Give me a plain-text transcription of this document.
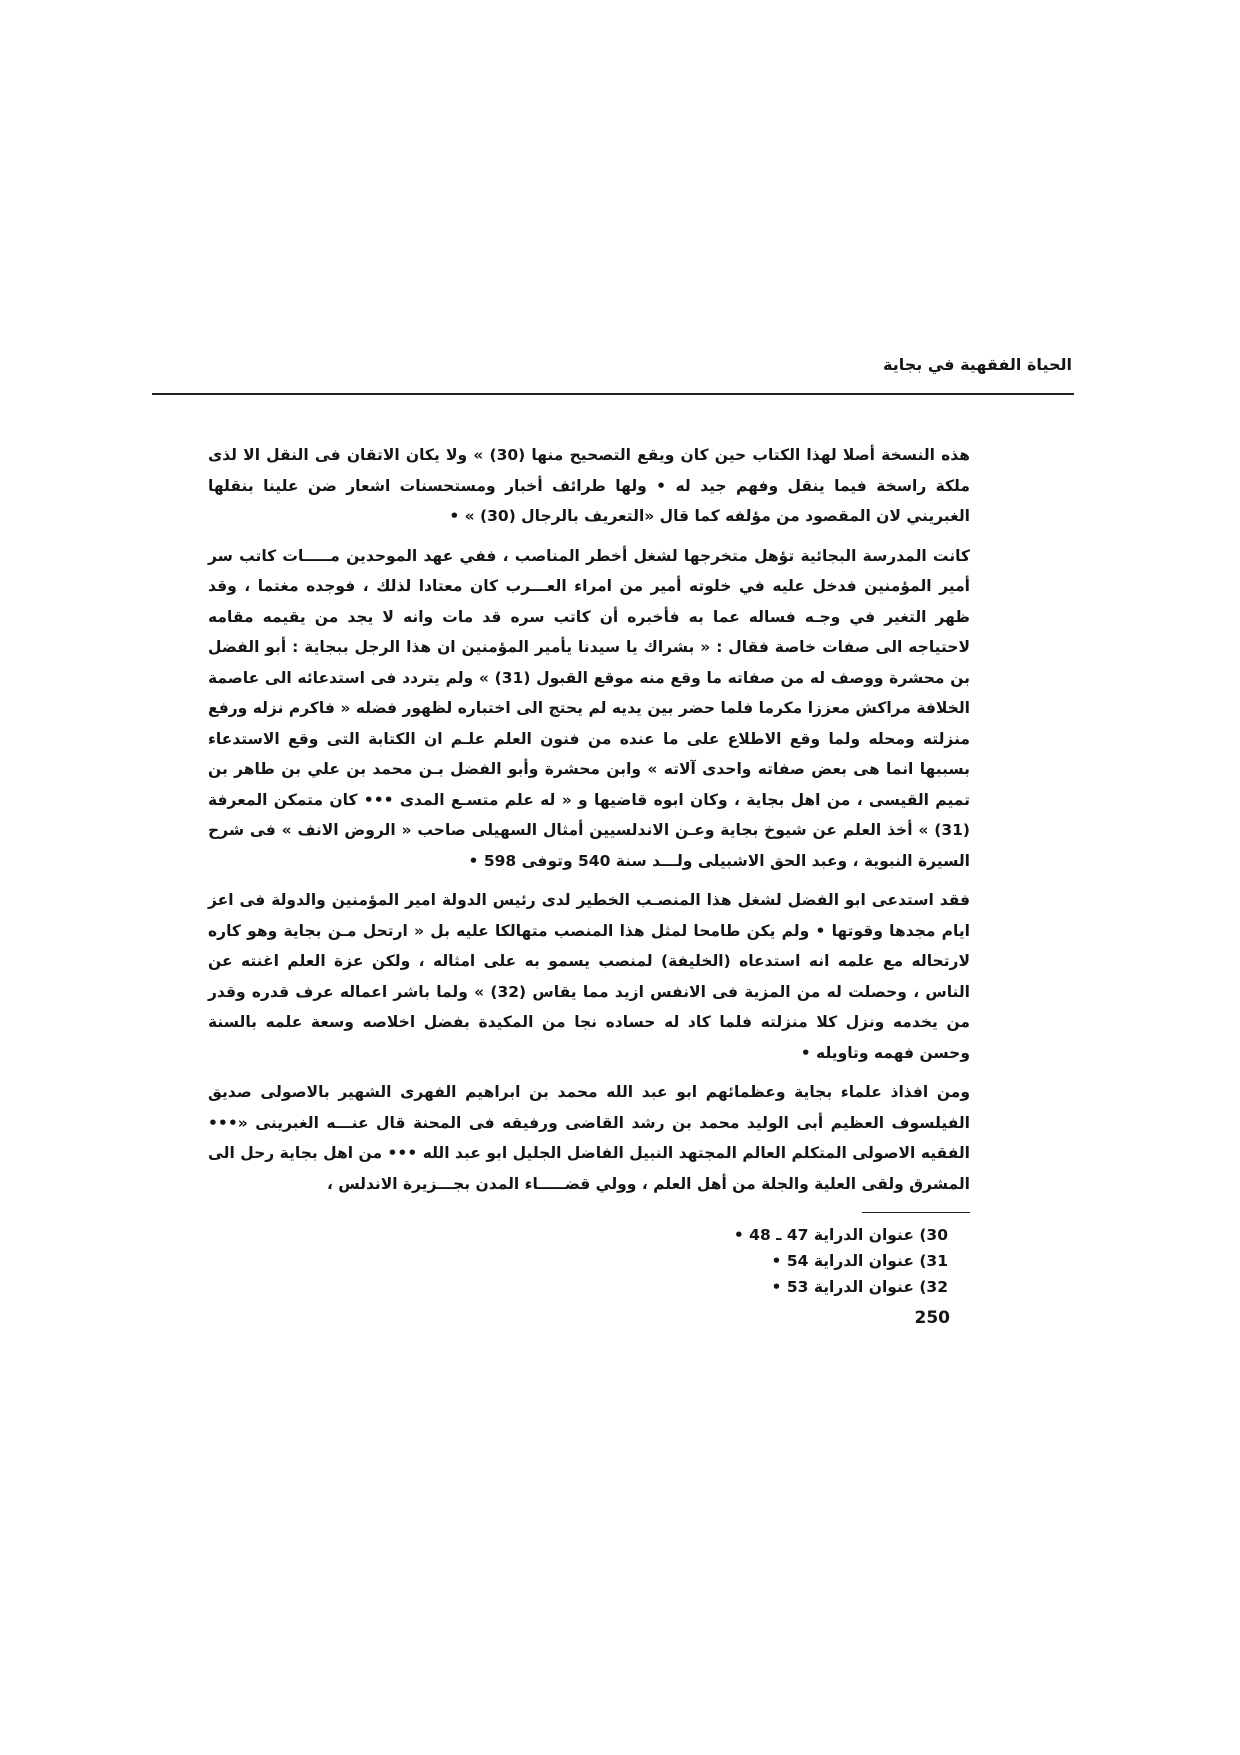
الحياة الفقهية في بجاية

هذه النسخة أصلا لهذا الكتاب حين كان ويقع التصحيح منها (30) » ولا يكان الاتقان فى النقل الا لذى ملكة راسخة فيما ينقل وفهم جيد له • ولها طرائف أخبار ومستحسنات اشعار ضن علينا بنقلها الغبريني لان المقصود من مؤلفه كما قال «التعريف بالرجال (30) » •

كانت المدرسة البجائية تؤهل متخرجها لشغل أخطر المناصب ، ففي عهد الموحدين مـــــات كاتب سر أمير المؤمنين فدخل عليه في خلوته أمير من امراء العـــرب كان معتادا لذلك ، فوجده مغتما ، وقد ظهر التغير في وجـه فساله عما به فأخبره أن كاتب سره قد مات وانه لا يجد من يقيمه مقامه لاحتياجه الى صفات خاصة فقال : « بشراك يا سيدنا يأمير المؤمنين ان هذا الرجل ببجاية : أبو الفضل بن محشرة ووصف له من صفاته ما وقع منه موقع القبول (31) » ولم يتردد فى استدعائه الى عاصمة الخلافة مراكش معززا مكرما فلما حضر بين يديه لم يحتج الى اختباره لظهور فضله « فاكرم نزله ورفع منزلته ومحله ولما وقع الاطلاع على ما عنده من فنون العلم علـم ان الكتابة التى وقع الاستدعاء بسببها انما هى بعض صفاته واحدى آلاته » وابن محشرة وأبو الفضل بـن محمد بن علي بن طاهر بن تميم القيسى ، من اهل بجاية ، وكان ابوه قاضيها و « له علم متسـع المدى ••• كان متمكن المعرفة (31) » أخذ العلم عن شيوخ بجاية وعـن الاندلسيين أمثال السهيلى صاحب « الروض الانف » فى شرح السيرة النبوية ، وعبد الحق الاشبيلى ولـــد سنة 540 وتوفى 598 •

فقد استدعى ابو الفضل لشغل هذا المنصـب الخطير لدى رئيس الدولة امير المؤمنين والدولة فى اعز ايام مجدها وقوتها • ولم يكن طامحا لمثل هذا المنصب متهالكا عليه بل « ارتحل مـن بجاية وهو كاره لارتحاله مع علمه انه استدعاه (الخليفة) لمنصب يسمو به على امثاله ، ولكن عزة العلم اغنته عن الناس ، وحصلت له من المزية فى الانفس ازيد مما يقاس (32) » ولما باشر اعماله عرف قدره وقدر من يخدمه ونزل كلا منزلته فلما كاد له حساده نجا من المكيدة بفضل اخلاصه وسعة علمه بالسنة وحسن فهمه وتاويله •

ومن افذاذ علماء بجاية وعظمائهم ابو عبد الله محمد بن ابراهيم الفهرى الشهير بالاصولى صديق الفيلسوف العظيم أبى الوليد محمد بن رشد القاضى ورفيقه فى المحنة قال عنـــه الغبرينى «••• الفقيه الاصولى المتكلم العالم المجتهد النبيل الفاضل الجليل ابو عبد الله ••• من اهل بجاية رحل الى المشرق ولقى العلية والجلة من أهل العلم ، وولي قضـــــاء المدن بجـــزيرة الاندلس ،

30) عنوان الدراية 47 ـ 48 •
31) عنوان الدراية 54 •
32) عنوان الدراية 53 •
250
